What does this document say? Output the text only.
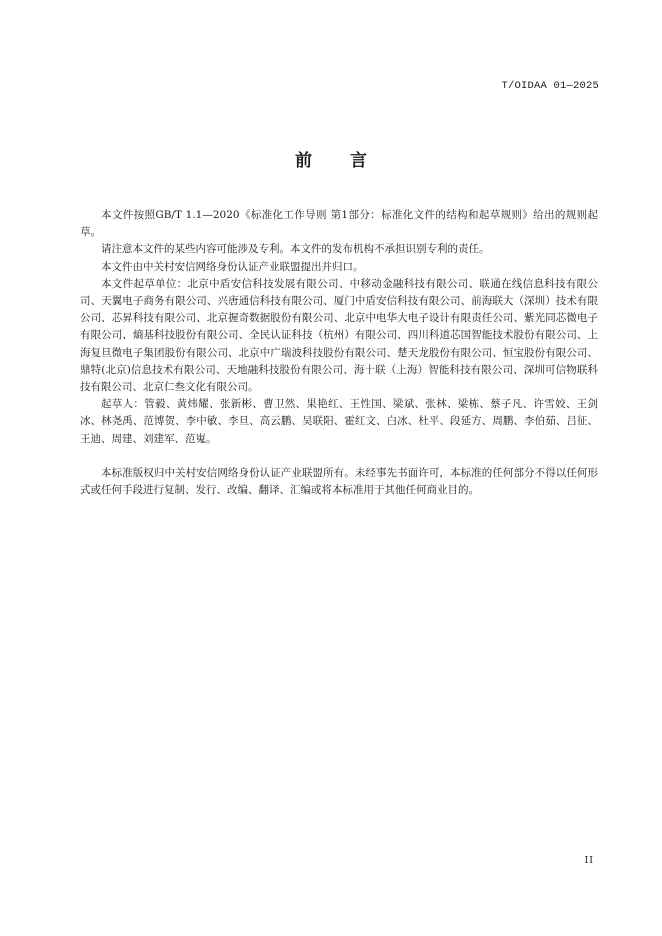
T/OIDAA 01—2025
前 言

本文件按照GB/T 1.1—2020《标准化工作导则 第1部分：标准化文件的结构和起草规则》给出的规则起草。

请注意本文件的某些内容可能涉及专利。本文件的发布机构不承担识别专利的责任。

本文件由中关村安信网络身份认证产业联盟提出并归口。

本文件起草单位：北京中盾安信科技发展有限公司、中移动金融科技有限公司、联通在线信息科技有限公司、天翼电子商务有限公司、兴唐通信科技有限公司、厦门中盾安信科技有限公司、前海联大（深圳）技术有限公司、芯昇科技有限公司、北京握奇数据股份有限公司、北京中电华大电子设计有限责任公司、紫光同芯微电子有限公司、熵基科技股份有限公司、全民认证科技（杭州）有限公司、四川科道芯国智能技术股份有限公司、上海复旦微电子集团股份有限公司、北京中广瑞波科技股份有限公司、楚天龙股份有限公司、恒宝股份有限公司、鼎特(北京)信息技术有限公司、天地融科技股份有限公司、海十联（上海）智能科技有限公司、深圳可信物联科技有限公司、北京仁叁文化有限公司。

起草人：管毅、黄炜耀、张新彬、曹卫然、果艳红、王性国、梁斌、张林、梁栋、蔡子凡、许雪姣、王剑冰、林尧禹、范博贺、李中敏、李旦、高云鹏、吴联阳、霍红文、白冰、杜平、段延方、周鹏、李伯茹、吕征、王迪、周建、刘建军、范嵬。

本标准版权归中关村安信网络身份认证产业联盟所有。未经事先书面许可，本标准的任何部分不得以任何形式或任何手段进行复制、发行、改编、翻译、汇编或将本标准用于其他任何商业目的。

II
